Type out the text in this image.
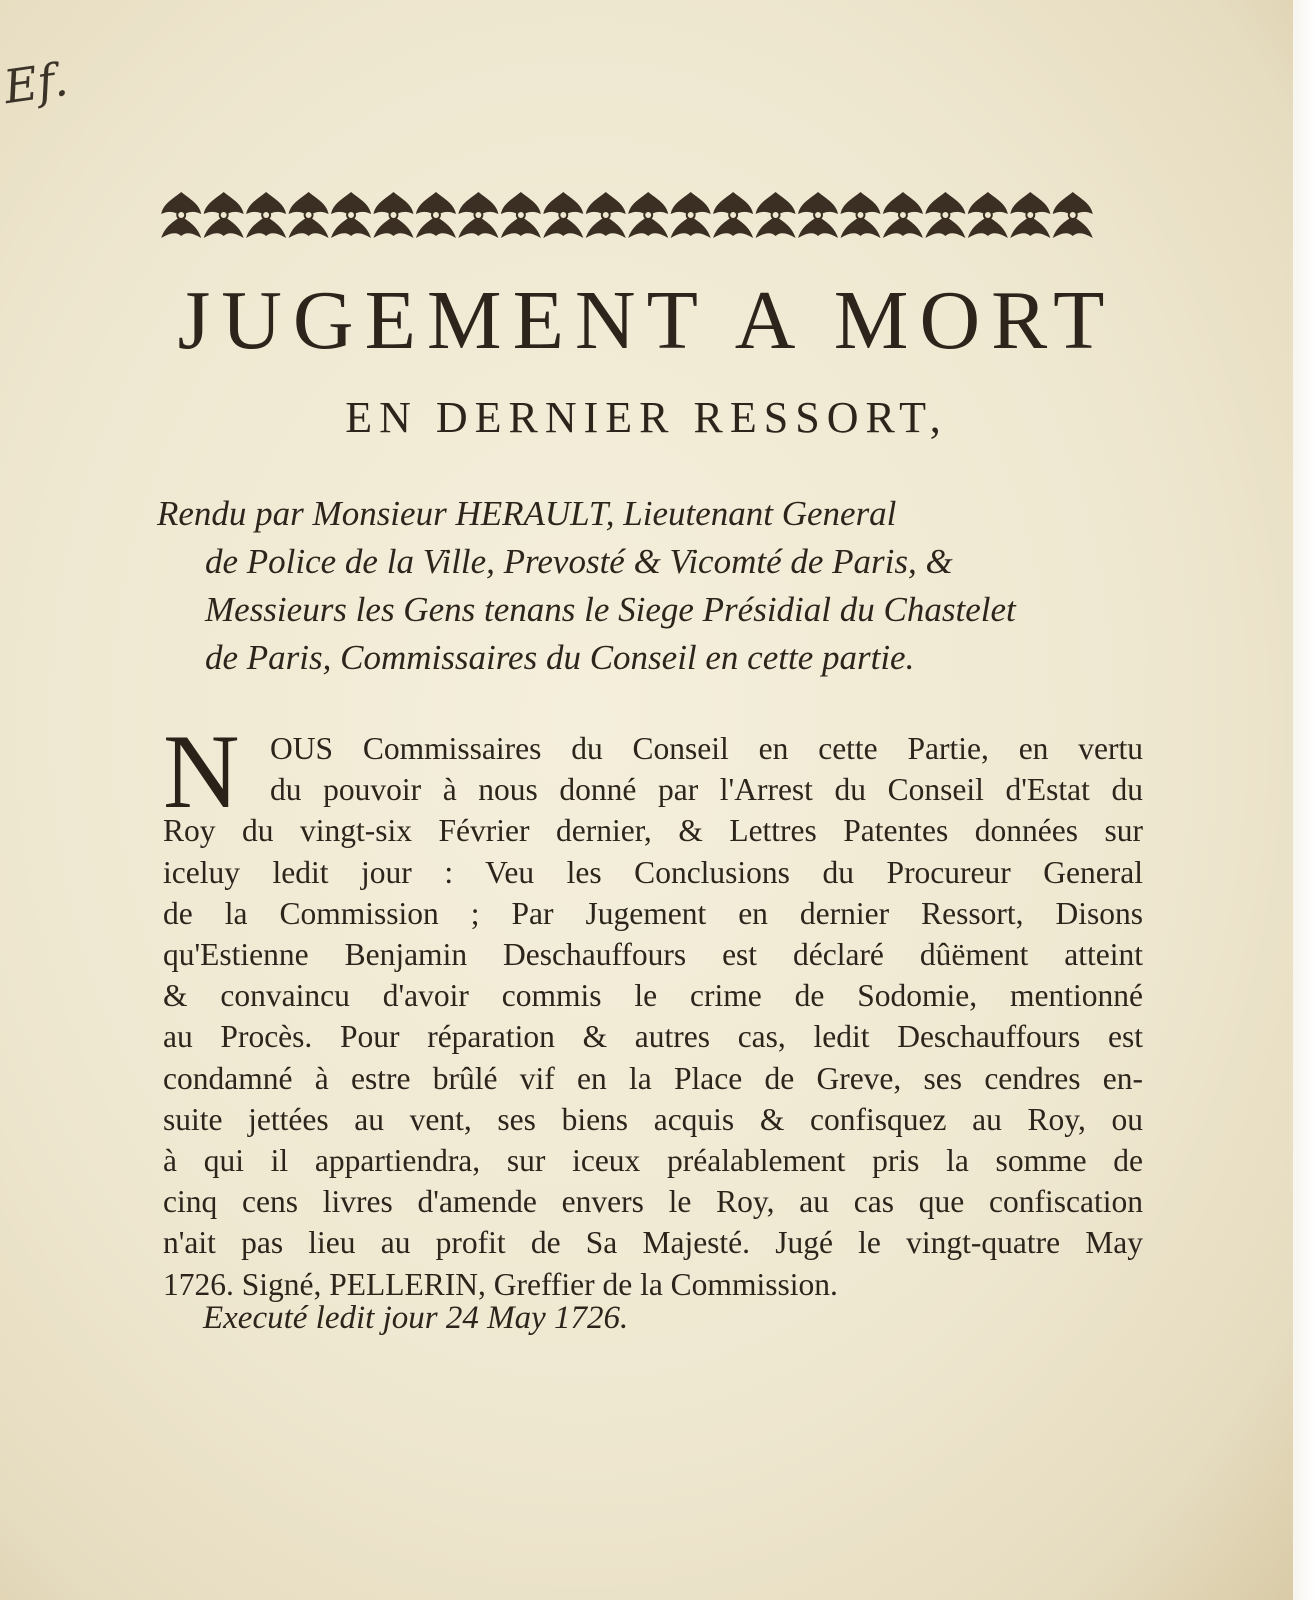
Ef.
JUGEMENT A MORT
EN DERNIER RESSORT,
Rendu par Monsieur HERAULT, Lieutenant General
de Police de la Ville, Prevosté & Vicomté de Paris, &
Messieurs les Gens tenans le Siege Présidial du Chastelet
de Paris, Commissaires du Conseil en cette partie.
N OUS Commissaires du Conseil en cette Partie, en vertu
du pouvoir à nous donné par l'Arrest du Conseil d'Estat du
Roy du vingt-six Février dernier, & Lettres Patentes données sur
iceluy ledit jour : Veu les Conclusions du Procureur General
de la Commission ; Par Jugement en dernier Ressort, Disons
qu'Estienne Benjamin Deschauffours est déclaré dûëment atteint
& convaincu d'avoir commis le crime de Sodomie, mentionné
au Procès. Pour réparation & autres cas, ledit Deschauffours est
condamné à estre brûlé vif en la Place de Greve, ses cendres en-
suite jettées au vent, ses biens acquis & confisquez au Roy, ou
à qui il appartiendra, sur iceux préalablement pris la somme de
cinq cens livres d'amende envers le Roy, au cas que confiscation
n'ait pas lieu au profit de Sa Majesté. Jugé le vingt-quatre May
1726. Signé, PELLERIN, Greffier de la Commission.
Executé ledit jour 24 May 1726.
